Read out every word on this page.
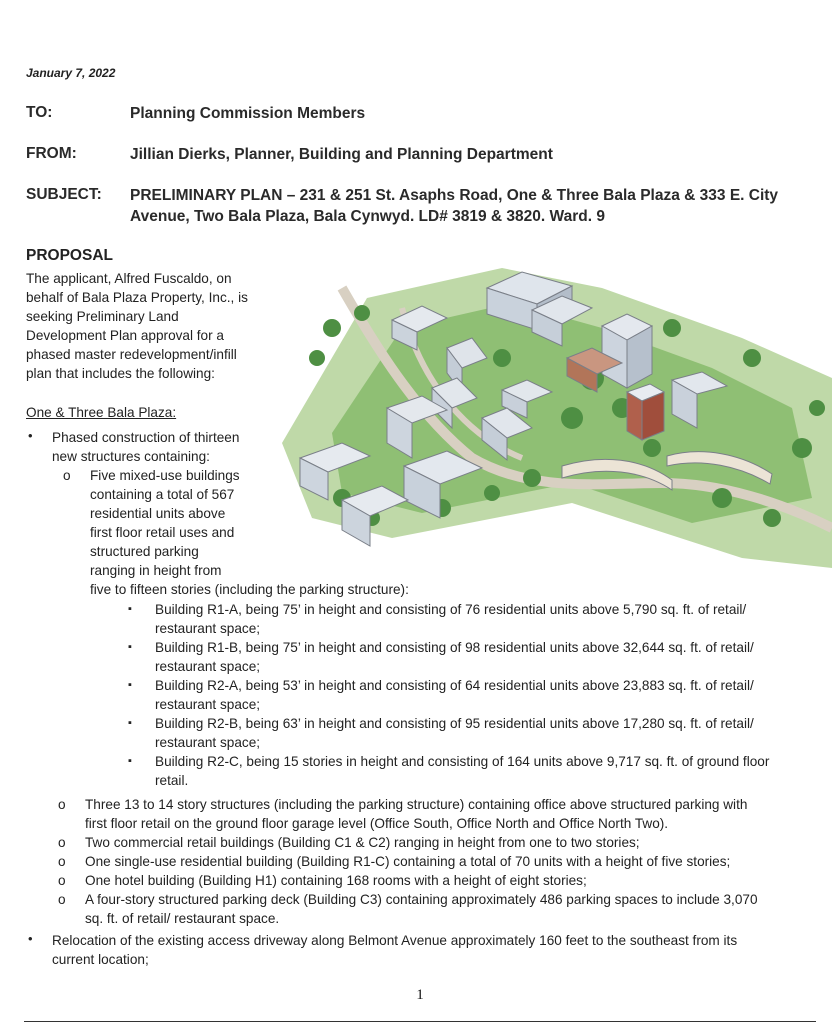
January 7, 2022
TO:	Planning Commission Members
FROM:	Jillian Dierks, Planner, Building and Planning Department
SUBJECT: PRELIMINARY PLAN – 231 & 251 St. Asaphs Road, One & Three Bala Plaza & 333 E. City
Avenue, Two Bala Plaza, Bala Cynwyd. LD# 3819 & 3820. Ward. 9
PROPOSAL
The applicant, Alfred Fuscaldo, on
behalf of Bala Plaza Property, Inc., is
seeking Preliminary Land
Development Plan approval for a
phased master redevelopment/infill
plan that includes the following:
One & Three Bala Plaza:
• Phased construction of thirteen
new structures containing:
o Five mixed-use buildings
containing a total of 567
residential units above
first floor retail uses and
structured parking
ranging in height from
five to fifteen stories (including the parking structure):
▪ Building R1-A, being 75’ in height and consisting of 76 residential units above 5,790 sq. ft. of retail/
restaurant space;
▪ Building R1-B, being 75’ in height and consisting of 98 residential units above 32,644 sq. ft. of retail/
restaurant space;
▪ Building R2-A, being 53’ in height and consisting of 64 residential units above 23,883 sq. ft. of retail/
restaurant space;
▪ Building R2-B, being 63’ in height and consisting of 95 residential units above 17,280 sq. ft. of retail/
restaurant space;
▪ Building R2-C, being 15 stories in height and consisting of 164 units above 9,717 sq. ft. of ground floor
retail.
o Three 13 to 14 story structures (including the parking structure) containing office above structured parking with
first floor retail on the ground floor garage level (Office South, Office North and Office North Two).
o Two commercial retail buildings (Building C1 & C2) ranging in height from one to two stories;
o One single-use residential building (Building R1-C) containing a total of 70 units with a height of five stories;
o One hotel building (Building H1) containing 168 rooms with a height of eight stories;
o A four-story structured parking deck (Building C3) containing approximately 486 parking spaces to include 3,070
sq. ft. of retail/ restaurant space.
• Relocation of the existing access driveway along Belmont Avenue approximately 160 feet to the southeast from its
current location;
1
